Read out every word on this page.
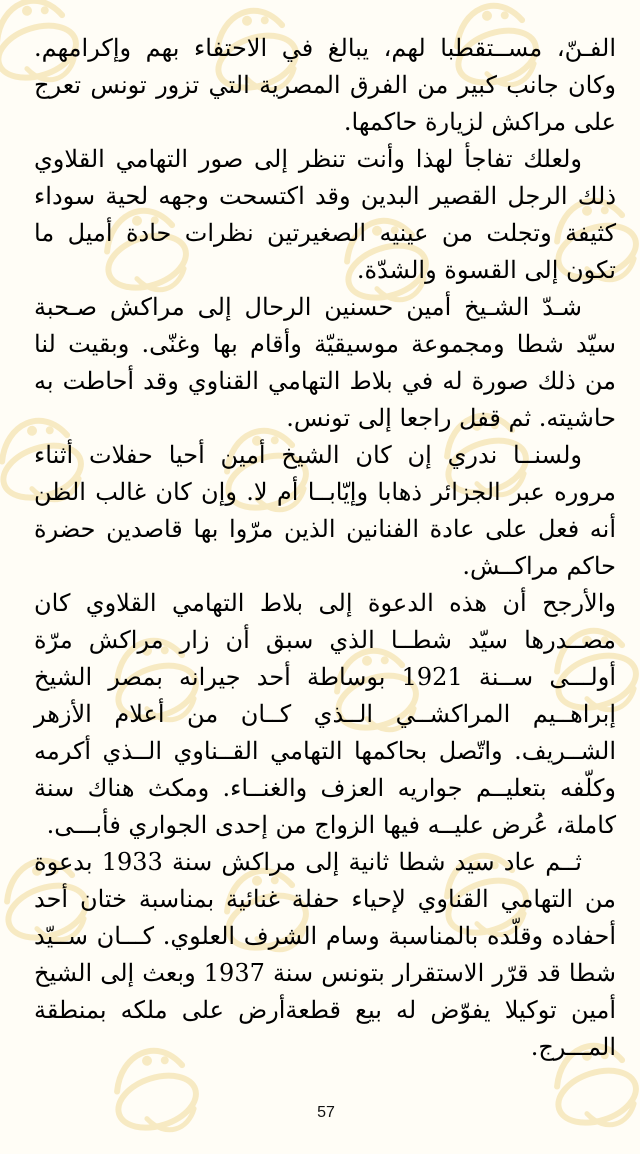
الفـنّ، مســتقطبا لهم، يبالغ في الاحتفاء بهم وإكرامهم. وكان جانب كبير من الفرق المصرية التي تزور تونس تعرج على مراكش لزيارة حاكمها.

ولعلك تفاجأ لهذا وأنت تنظر إلى صور التهامي القلاوي ذلك الرجل القصير البدين وقد اكتسحت وجهه لحية سوداء كثيفة وتجلت من عينيه الصغيرتين نظرات حادة أميل ما تكون إلى القسوة والشدّة.

شـدّ الشـيخ أمين حسنين الرحال إلى مراكش صـحبة سيّد شطا ومجموعة موسيقيّة وأقام بها وغنّى. وبقيت لنا من ذلك صورة له في بلاط التهامي القناوي وقد أحاطت به حاشيته. ثم قفل راجعا إلى تونس.

ولسنــا ندري إن كان الشيخ أمين أحيا حفلات أثناء مروره عبر الجزائر ذهابا وإيّابــا أم لا. وإن كان غالب الظن أنه فعل على عادة الفنانين الذين مرّوا بها قاصدين حضرة حاكم مراكــش.

والأرجح أن هذه الدعوة إلى بلاط التهامي القلاوي كان مصــدرها سيّد شطــا الذي سبق أن زار مراكش مرّة أولـــى ســنة 1921 بوساطة أحد جيرانه بمصر الشيخ إبراهــيم المراكشــي الــذي كــان من أعلام الأزهر الشــريف. واتّصل بحاكمها التهامي القــناوي الــذي أكرمه وكلّفه بتعليــم جواريه العزف والغنــاء. ومكث هناك سنة كاملة، عُرض عليــه فيها الزواج من إحدى الجواري فأبـــى.

ثــم عاد سيد شطا ثانية إلى مراكش سنة 1933 بدعوة من التهامي القناوي لإحياء حفلة غنائية بمناسبة ختان أحد أحفاده وقلّده بالمناسبة وسام الشرف العلوي. كـــان ســيّد شطا قد قرّر الاستقرار بتونس سنة 1937 وبعث إلى الشيخ أمين توكيلا يفوّض له بيع قطعةأرض على ملكه بمنطقة المـــرج.

57
